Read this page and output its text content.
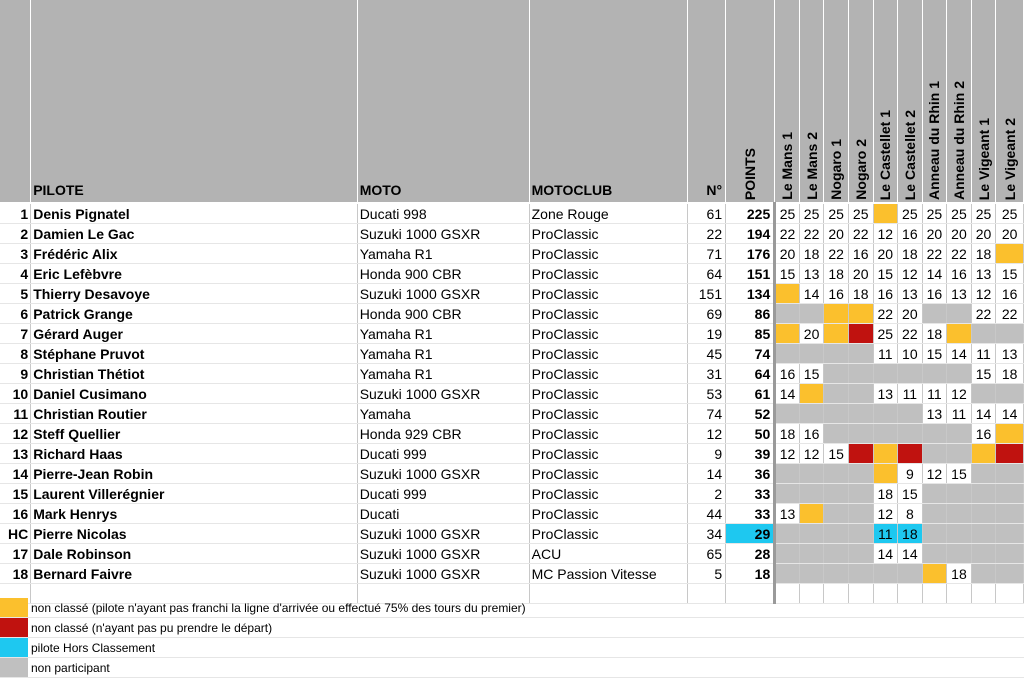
	PILOTE	MOTO	MOTOCLUB	N°	POINTS	Le Mans 1	Le Mans 2	Nogaro 1	Nogaro 2	Le Castellet 1	Le Castellet 2	Anneau du Rhin 1	Anneau du Rhin 2	Le Vigeant 1	Le Vigeant 2

1	Denis Pignatel	Ducati 998	Zone Rouge	61	225	25	25	25	25		25	25	25	25	25
2	Damien Le Gac	Suzuki 1000 GSXR	ProClassic	22	194	22	22	20	22	12	16	20	20	20	20
3	Frédéric Alix	Yamaha R1	ProClassic	71	176	20	18	22	16	20	18	22	22	18	
4	Eric Lefèbvre	Honda 900 CBR	ProClassic	64	151	15	13	18	20	15	12	14	16	13	15
5	Thierry Desavoye	Suzuki 1000 GSXR	ProClassic	151	134		14	16	18	16	13	16	13	12	16
6	Patrick Grange	Honda 900 CBR	ProClassic	69	86					22	20			22	22
7	Gérard Auger	Yamaha R1	ProClassic	19	85		20			25	22	18			
8	Stéphane Pruvot	Yamaha R1	ProClassic	45	74					11	10	15	14	11	13
9	Christian Thétiot	Yamaha R1	ProClassic	31	64	16	15							15	18
10	Daniel Cusimano	Suzuki 1000 GSXR	ProClassic	53	61	14				13	11	11	12		
11	Christian Routier	Yamaha	ProClassic	74	52							13	11	14	14
12	Steff Quellier	Honda 929 CBR	ProClassic	12	50	18	16							16	
13	Richard Haas	Ducati 999	ProClassic	9	39	12	12	15							
14	Pierre-Jean Robin	Suzuki 1000 GSXR	ProClassic	14	36						9	12	15		
15	Laurent Villerégnier	Ducati 999	ProClassic	2	33					18	15				
16	Mark Henrys	Ducati	ProClassic	44	33	13				12	8				
HC	Pierre Nicolas	Suzuki 1000 GSXR	ProClassic	34	29					11	18				
17	Dale Robinson	Suzuki 1000 GSXR	ACU	65	28					14	14				
18	Bernard Faivre	Suzuki 1000 GSXR	MC Passion Vitesse	5	18								18		

non classé (pilote n'ayant pas franchi la ligne d'arrivée ou effectué 75% des tours du premier)
non classé (n'ayant pas pu prendre le départ)
pilote Hors Classement
non participant
